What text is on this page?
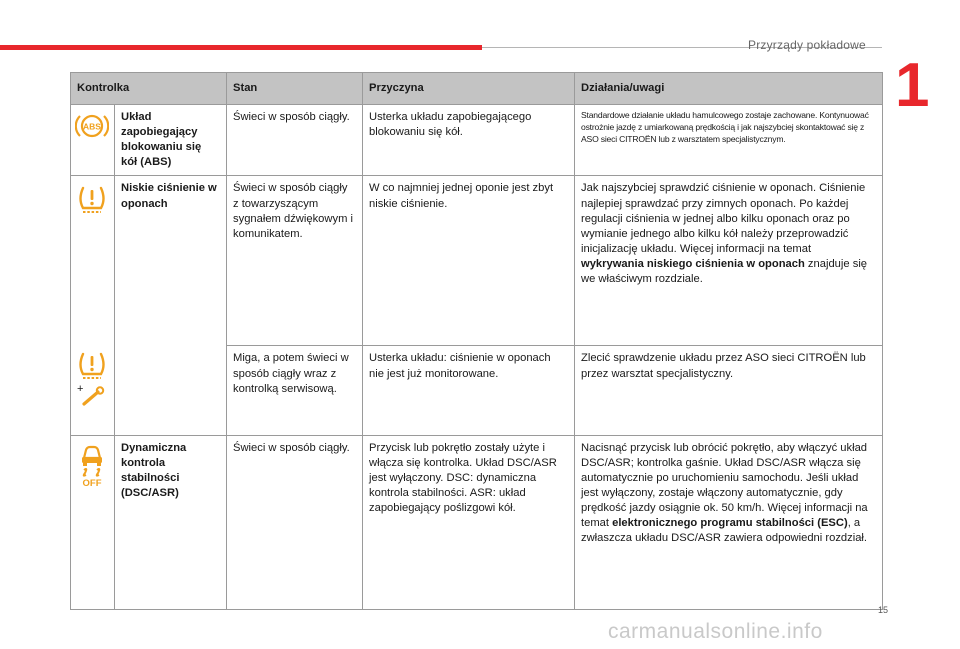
Przyrządy pokładowe
1
Kontrolka		Stan	Przyczyna	Działania/uwagi

ABS	Układ zapobiegający blokowaniu się kół (ABS)	Świeci w sposób ciągły.	Usterka układu zapobiegającego blokowaniu się kół.	Standardowe działanie układu hamulcowego zostaje zachowane. Kontynuować ostrożnie jazdę z umiarkowaną prędkością i jak najszybciej skontaktować się z ASO sieci CITROËN lub z warsztatem specjalistycznym.

	Niskie ciśnienie w oponach	Świeci w sposób ciągły z towarzyszącym sygnałem dźwiękowym i komunikatem.	W co najmniej jednej oponie jest zbyt niskie ciśnienie.	Jak najszybciej sprawdzić ciśnienie w oponach. Ciśnienie najlepiej sprawdzać przy zimnych oponach. Po każdej regulacji ciśnienia w jednej albo kilku oponach oraz po wymianie jednego albo kilku kół należy przeprowadzić inicjalizację układu. Więcej informacji na temat wykrywania niskiego ciśnienia w oponach znajduje się we właściwym rozdziale.

+		Miga, a potem świeci w sposób ciągły wraz z kontrolką serwisową.	Usterka układu: ciśnienie w oponach nie jest już monitorowane.	Zlecić sprawdzenie układu przez ASO sieci CITROËN lub przez warsztat specjalistyczny.

OFF	Dynamiczna kontrola stabilności (DSC/ASR)	Świeci w sposób ciągły.	Przycisk lub pokrętło zostały użyte i włącza się kontrolka. Układ DSC/ASR jest wyłączony. DSC: dynamiczna kontrola stabilności. ASR: układ zapobiegający poślizgowi kół.	Nacisnąć przycisk lub obrócić pokrętło, aby włączyć układ DSC/ASR; kontrolka gaśnie. Układ DSC/ASR włącza się automatycznie po uruchomieniu samochodu. Jeśli układ jest wyłączony, zostaje włączony automatycznie, gdy prędkość jazdy osiągnie ok. 50 km/h. Więcej informacji na temat elektronicznego programu stabilności (ESC), a zwłaszcza układu DSC/ASR zawiera odpowiedni rozdział.
15
carmanualsonline.info
